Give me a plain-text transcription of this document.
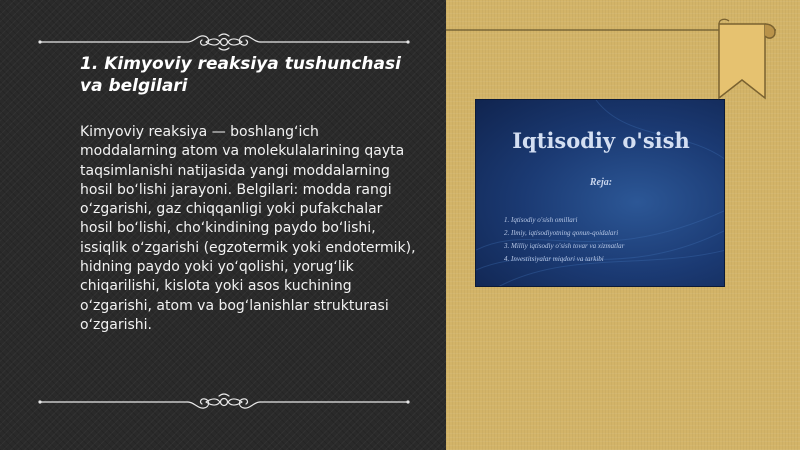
1. Kimyoviy reaksiya tushunchasi va belgilari

Kimyoviy reaksiya — boshlangʻich moddalarning atom va molekulalarining qayta taqsimlanishi natijasida yangi moddalarning hosil boʻlishi jarayoni. Belgilari: modda rangi oʻzgarishi, gaz chiqqanligi yoki pufakchalar hosil boʻlishi, choʻkindining paydo boʻlishi, issiqlik oʻzgarishi (egzotermik yoki endotermik), hidning paydo yoki yoʻqolishi, yorugʻlik chiqarilishi, kislota yoki asos kuchining oʻzgarishi, atom va bogʻlanishlar strukturasi oʻzgarishi.

Iqtisodiy o'sish
Reja:
1. Iqtisodiy o'sish omillari
2. Ilmiy, iqtisodiyotning qonun-qoidalari
3. Milliy iqtisodiy o'sish tovar va xizmatlar
4. Investitsiyalar miqdori va tarkibi
